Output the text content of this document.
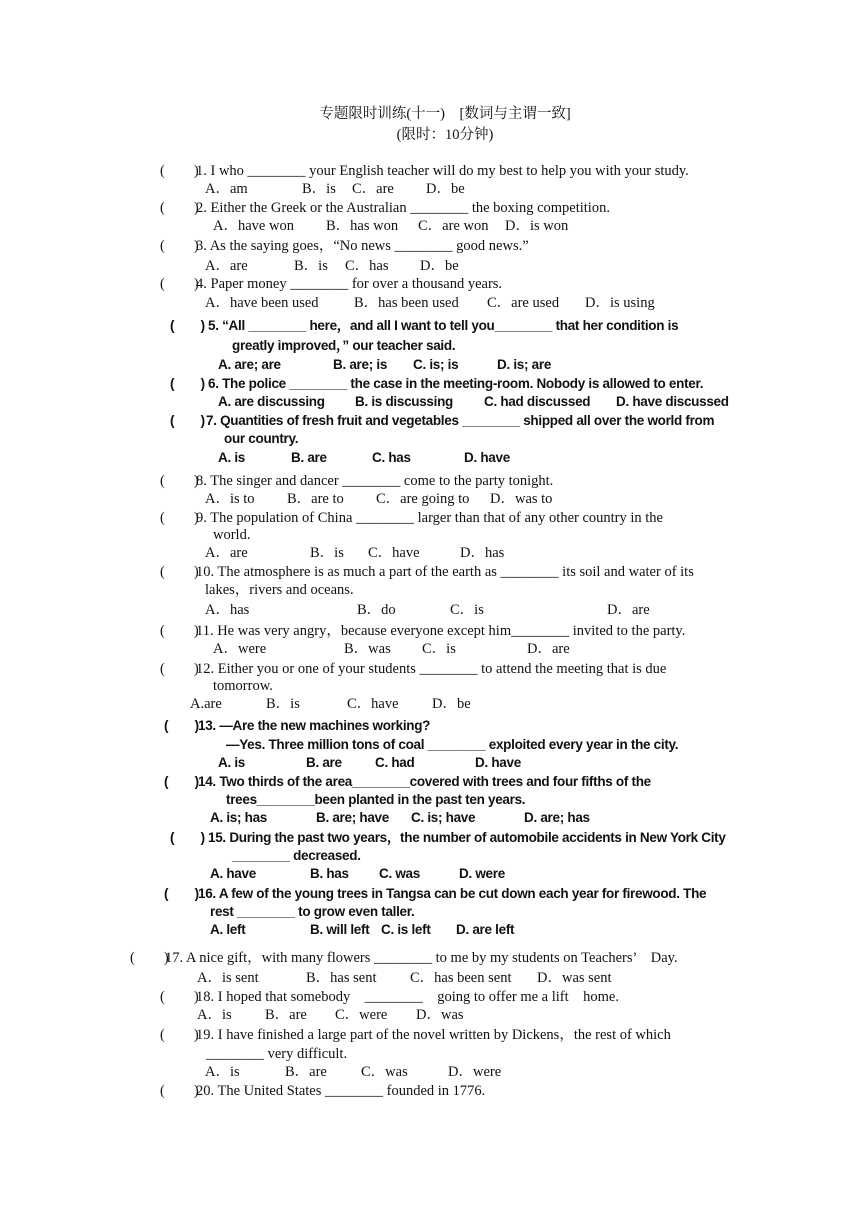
专题限时训练(十一)　[数词与主谓一致]
(限时：10分钟)
(　　)
1. I who ________ your English teacher will do my best to help you with your study.
A．am	B．is C．are D．be
(　　)
2. Either the Greek or the Australian ________ the boxing competition.
A．have won B．has won C．are won D．is won
(　　)
3. As the saying goes，“No news ________ good news.”
A．are	B．is C．has D．be
(　　)
4. Paper money ________ for over a thousand years.
A．have been used B．has been used C．are used D．is using
(　　) 5. “All ________ here，and all I want to tell you________ that her condition is
greatly improved，” our teacher said.
A. are; are	B. are; is C. is; is	D. is; are
(　　) 6. The police ________ the case in the meeting-room. Nobody is allowed to enter.
A. are discussing B. is discussing C. had discussed D. have discussed
(　　) 7. Quantities of fresh fruit and vegetables ________ shipped all over the world from
our country.
A. is	B. are	C. has	D. have
(　　)
8. The singer and dancer ________ come to the party tonight.
A．is to B．are to C．are going to D．was to
(　　)
9. The population of China ________ larger than that of any other country in the
world.
A．are	B．is C．have	D．has
(　　)
10. The atmosphere is as much a part of the earth as ________ its soil and water of its
lakes，rivers and oceans.
A．has	B．do	C．is	D．are
(　　)
11. He was very angry，because everyone except him________ invited to the party.
A．were	B．was C．is	D．are
(　　)
12. Either you or one of your students ________ to attend the meeting that is due
tomorrow.
A.are	B．is	C．have D．be
(　　) 13. —Are the new machines working?
—Yes. Three million tons of coal ________ exploited every year in the city.
A. is	B. are C. had	D. have
(　　) 14. Two thirds of the area________covered with trees and four fifths of the
trees________been planted in the past ten years.
A. is; has	B. are; have C. is; have	D. are; has
(　　) 15. During the past two years，the number of automobile accidents in New York City
________ decreased.
A. have	B. has C. was	D. were
(　　) 16. A few of the young trees in Tangsa can be cut down each year for firewood. The
rest ________ to grow even taller.
A. left	B. will left C. is left D. are left
(　　)
17. A nice gift，with many flowers ________ to me by my students on Teachers’　Day.
A．is sent	B．has sent C．has been sent D．was sent
(　　)
18. I hoped that somebody　________　going to offer me a lift　home.
A．is B．are C．were D．was
(　　)
19. I have finished a large part of the novel written by Dickens，the rest of which
________ very difficult.
A．is	B．are C．was	D．were
(　　)
20. The United States ________ founded in 1776.
